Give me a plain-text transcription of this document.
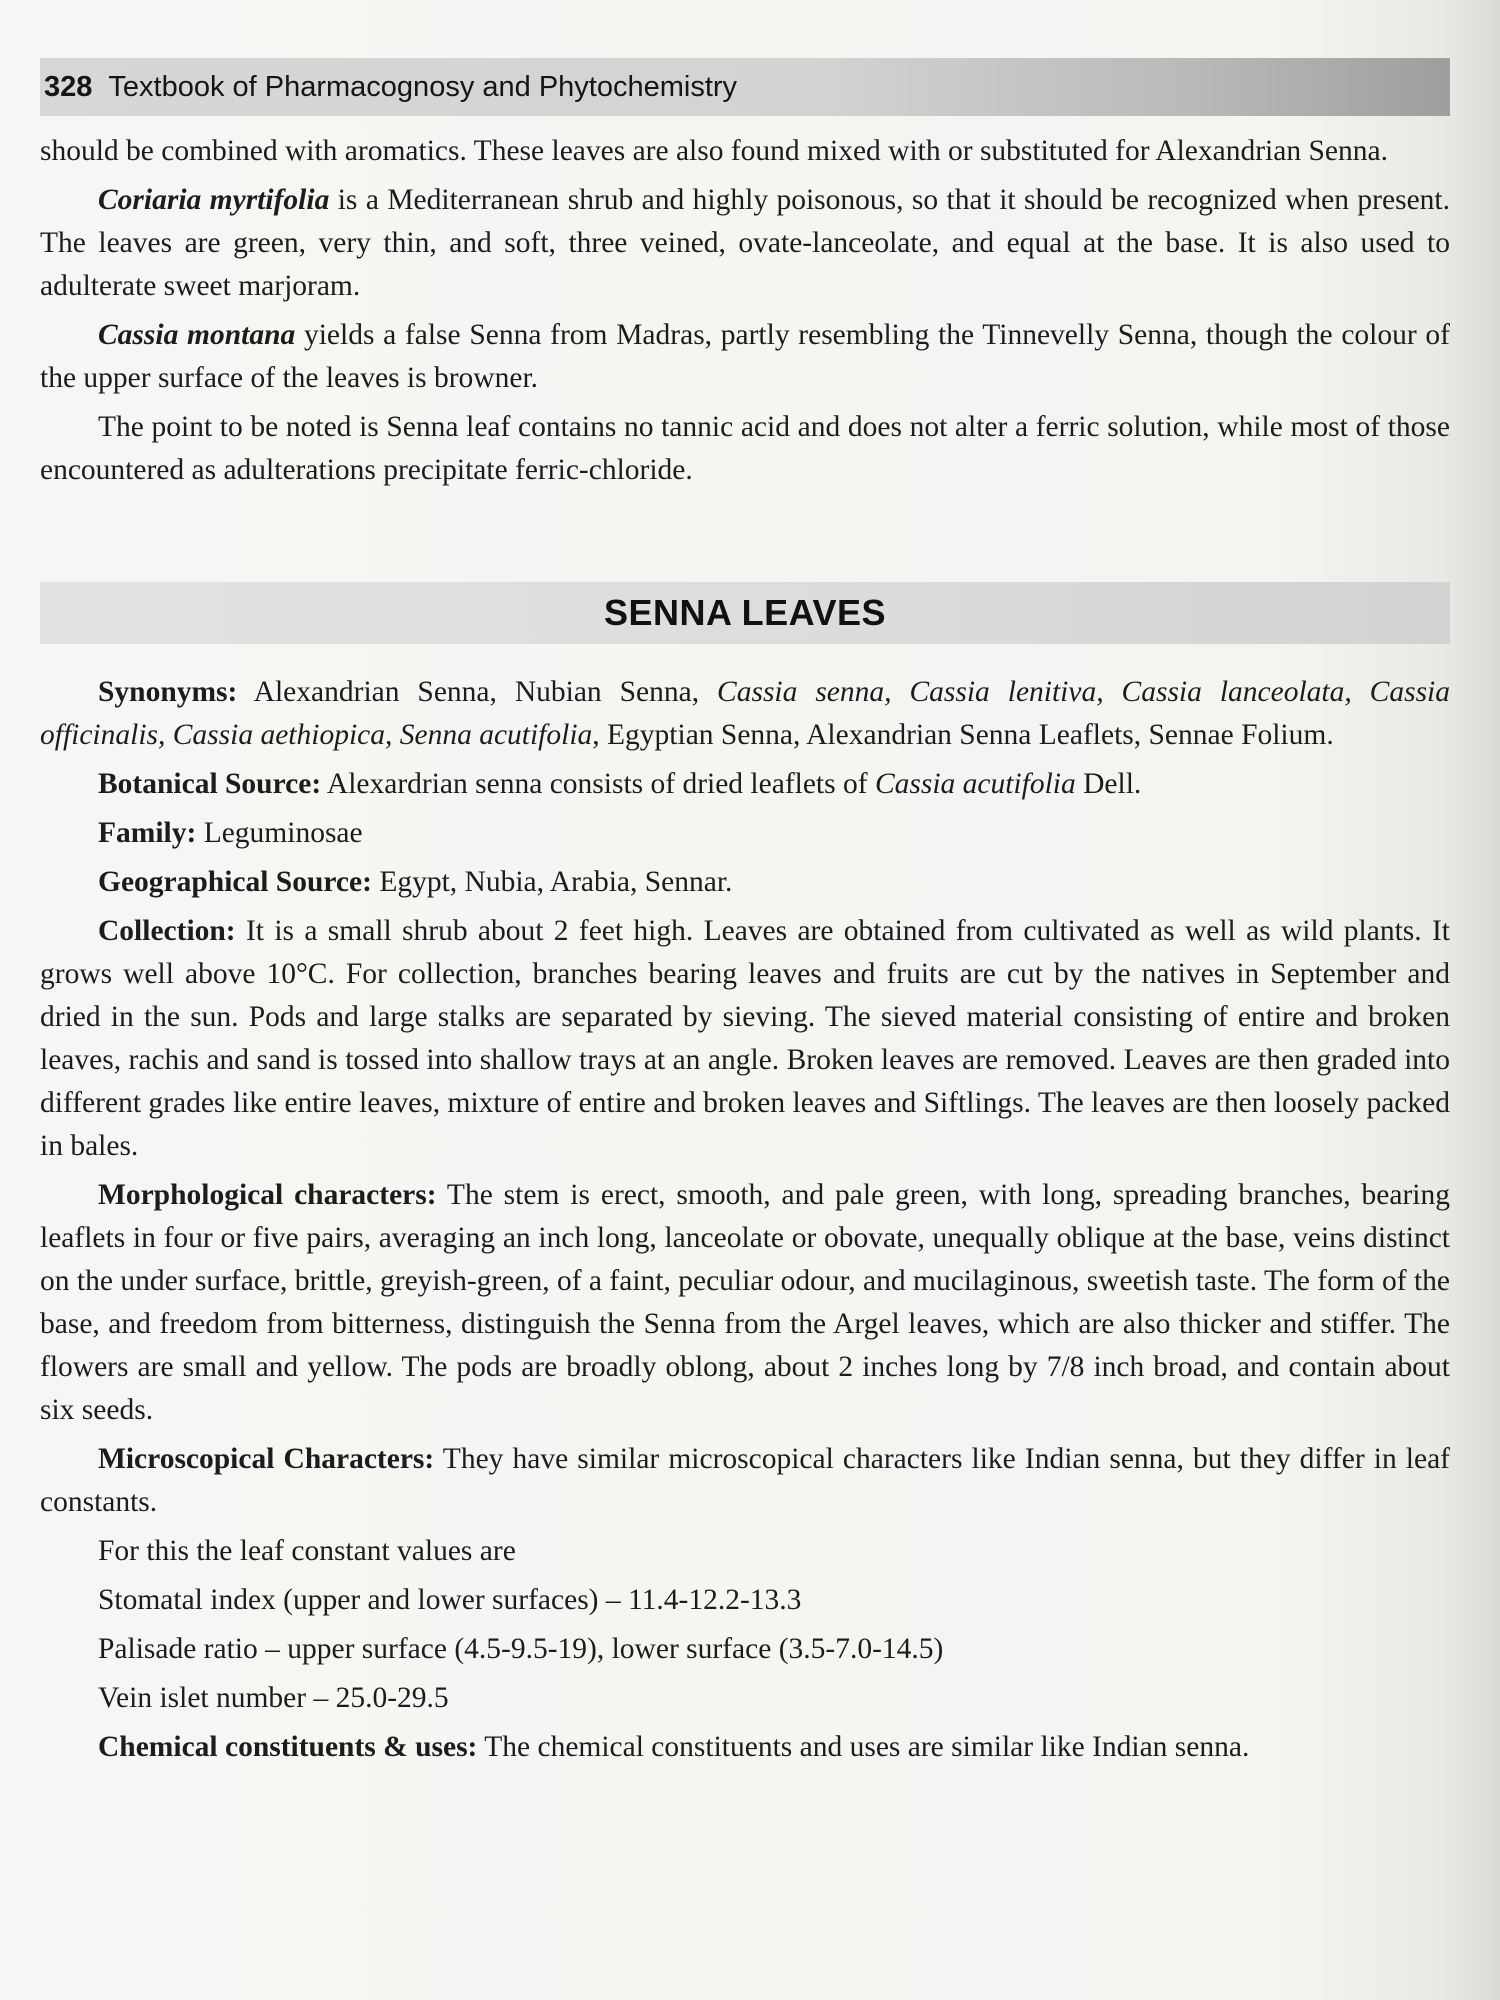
328 Textbook of Pharmacognosy and Phytochemistry

should be combined with aromatics. These leaves are also found mixed with or substituted for Alexandrian Senna.

Coriaria myrtifolia is a Mediterranean shrub and highly poisonous, so that it should be recognized when present. The leaves are green, very thin, and soft, three veined, ovate-lanceolate, and equal at the base. It is also used to adulterate sweet marjoram.

Cassia montana yields a false Senna from Madras, partly resembling the Tinnevelly Senna, though the colour of the upper surface of the leaves is browner.

The point to be noted is Senna leaf contains no tannic acid and does not alter a ferric solution, while most of those encountered as adulterations precipitate ferric-chloride.

SENNA LEAVES

Synonyms: Alexandrian Senna, Nubian Senna, Cassia senna, Cassia lenitiva, Cassia lanceolata, Cassia officinalis, Cassia aethiopica, Senna acutifolia, Egyptian Senna, Alexandrian Senna Leaflets, Sennae Folium.

Botanical Source: Alexardrian senna consists of dried leaflets of Cassia acutifolia Dell.

Family: Leguminosae

Geographical Source: Egypt, Nubia, Arabia, Sennar.

Collection: It is a small shrub about 2 feet high. Leaves are obtained from cultivated as well as wild plants. It grows well above 10°C. For collection, branches bearing leaves and fruits are cut by the natives in September and dried in the sun. Pods and large stalks are separated by sieving. The sieved material consisting of entire and broken leaves, rachis and sand is tossed into shallow trays at an angle. Broken leaves are removed. Leaves are then graded into different grades like entire leaves, mixture of entire and broken leaves and Siftlings. The leaves are then loosely packed in bales.

Morphological characters: The stem is erect, smooth, and pale green, with long, spreading branches, bearing leaflets in four or five pairs, averaging an inch long, lanceolate or obovate, unequally oblique at the base, veins distinct on the under surface, brittle, greyish-green, of a faint, peculiar odour, and mucilaginous, sweetish taste. The form of the base, and freedom from bitterness, distinguish the Senna from the Argel leaves, which are also thicker and stiffer. The flowers are small and yellow. The pods are broadly oblong, about 2 inches long by 7/8 inch broad, and contain about six seeds.

Microscopical Characters: They have similar microscopical characters like Indian senna, but they differ in leaf constants.

For this the leaf constant values are

Stomatal index (upper and lower surfaces) – 11.4-12.2-13.3

Palisade ratio – upper surface (4.5-9.5-19), lower surface (3.5-7.0-14.5)

Vein islet number – 25.0-29.5

Chemical constituents & uses: The chemical constituents and uses are similar like Indian senna.
